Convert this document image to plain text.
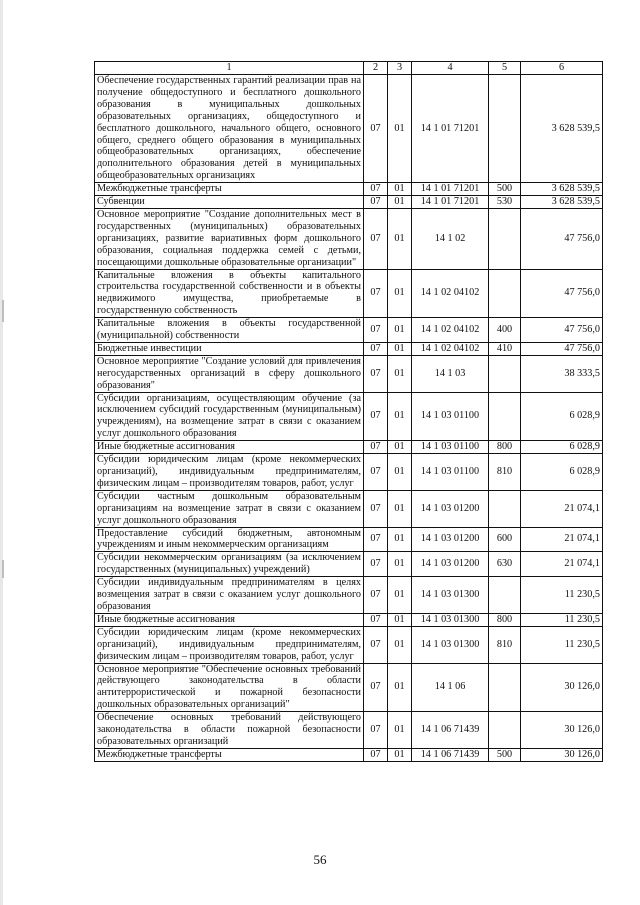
1	2	3	4	5	6
Обеспечение государственных гарантий реализации прав на получение общедоступного и бесплатного дошкольного образования в муниципальных дошкольных образовательных организациях, общедоступного и бесплатного дошкольного, начального общего, основного общего, среднего общего образования в муниципальных общеобразовательных организациях, обеспечение дополнительного образования детей в муниципальных общеобразовательных организациях	07	01	14 1 01 71201		3 628 539,5
Межбюджетные трансферты	07	01	14 1 01 71201	500	3 628 539,5
Субвенции	07	01	14 1 01 71201	530	3 628 539,5
Основное мероприятие "Создание дополнительных мест в государственных (муниципальных) образовательных организациях, развитие вариативных форм дошкольного образования, социальная поддержка семей с детьми, посещающими дошкольные образовательные организации"	07	01	14 1 02		47 756,0
Капитальные вложения в объекты капитального строительства государственной собственности и в объекты недвижимого имущества, приобретаемые в государственную собственность	07	01	14 1 02 04102		47 756,0
Капитальные вложения в объекты государственной (муниципальной) собственности	07	01	14 1 02 04102	400	47 756,0
Бюджетные инвестиции	07	01	14 1 02 04102	410	47 756,0
Основное мероприятие "Создание условий для привлечения негосударственных организаций в сферу дошкольного образования"	07	01	14 1 03		38 333,5
Субсидии организациям, осуществляющим обучение (за исключением субсидий государственным (муниципальным) учреждениям), на возмещение затрат в связи с оказанием услуг дошкольного образования	07	01	14 1 03 01100		6 028,9
Иные бюджетные ассигнования	07	01	14 1 03 01100	800	6 028,9
Субсидии юридическим лицам (кроме некоммерческих организаций), индивидуальным предпринимателям, физическим лицам – производителям товаров, работ, услуг	07	01	14 1 03 01100	810	6 028,9
Субсидии частным дошкольным образовательным организациям на возмещение затрат в связи с оказанием услуг дошкольного образования	07	01	14 1 03 01200		21 074,1
Предоставление субсидий бюджетным, автономным учреждениям и иным некоммерческим организациям	07	01	14 1 03 01200	600	21 074,1
Субсидии некоммерческим организациям (за исключением государственных (муниципальных) учреждений)	07	01	14 1 03 01200	630	21 074,1
Субсидии индивидуальным предпринимателям в целях возмещения затрат в связи с оказанием услуг дошкольного образования	07	01	14 1 03 01300		11 230,5
Иные бюджетные ассигнования	07	01	14 1 03 01300	800	11 230,5
Субсидии юридическим лицам (кроме некоммерческих организаций), индивидуальным предпринимателям, физическим лицам – производителям товаров, работ, услуг	07	01	14 1 03 01300	810	11 230,5
Основное мероприятие "Обеспечение основных требований действующего законодательства в области антитеррористической и пожарной безопасности дошкольных образовательных организаций"	07	01	14 1 06		30 126,0
Обеспечение основных требований действующего законодательства в области пожарной безопасности образовательных организаций	07	01	14 1 06 71439		30 126,0
Межбюджетные трансферты	07	01	14 1 06 71439	500	30 126,0
56
